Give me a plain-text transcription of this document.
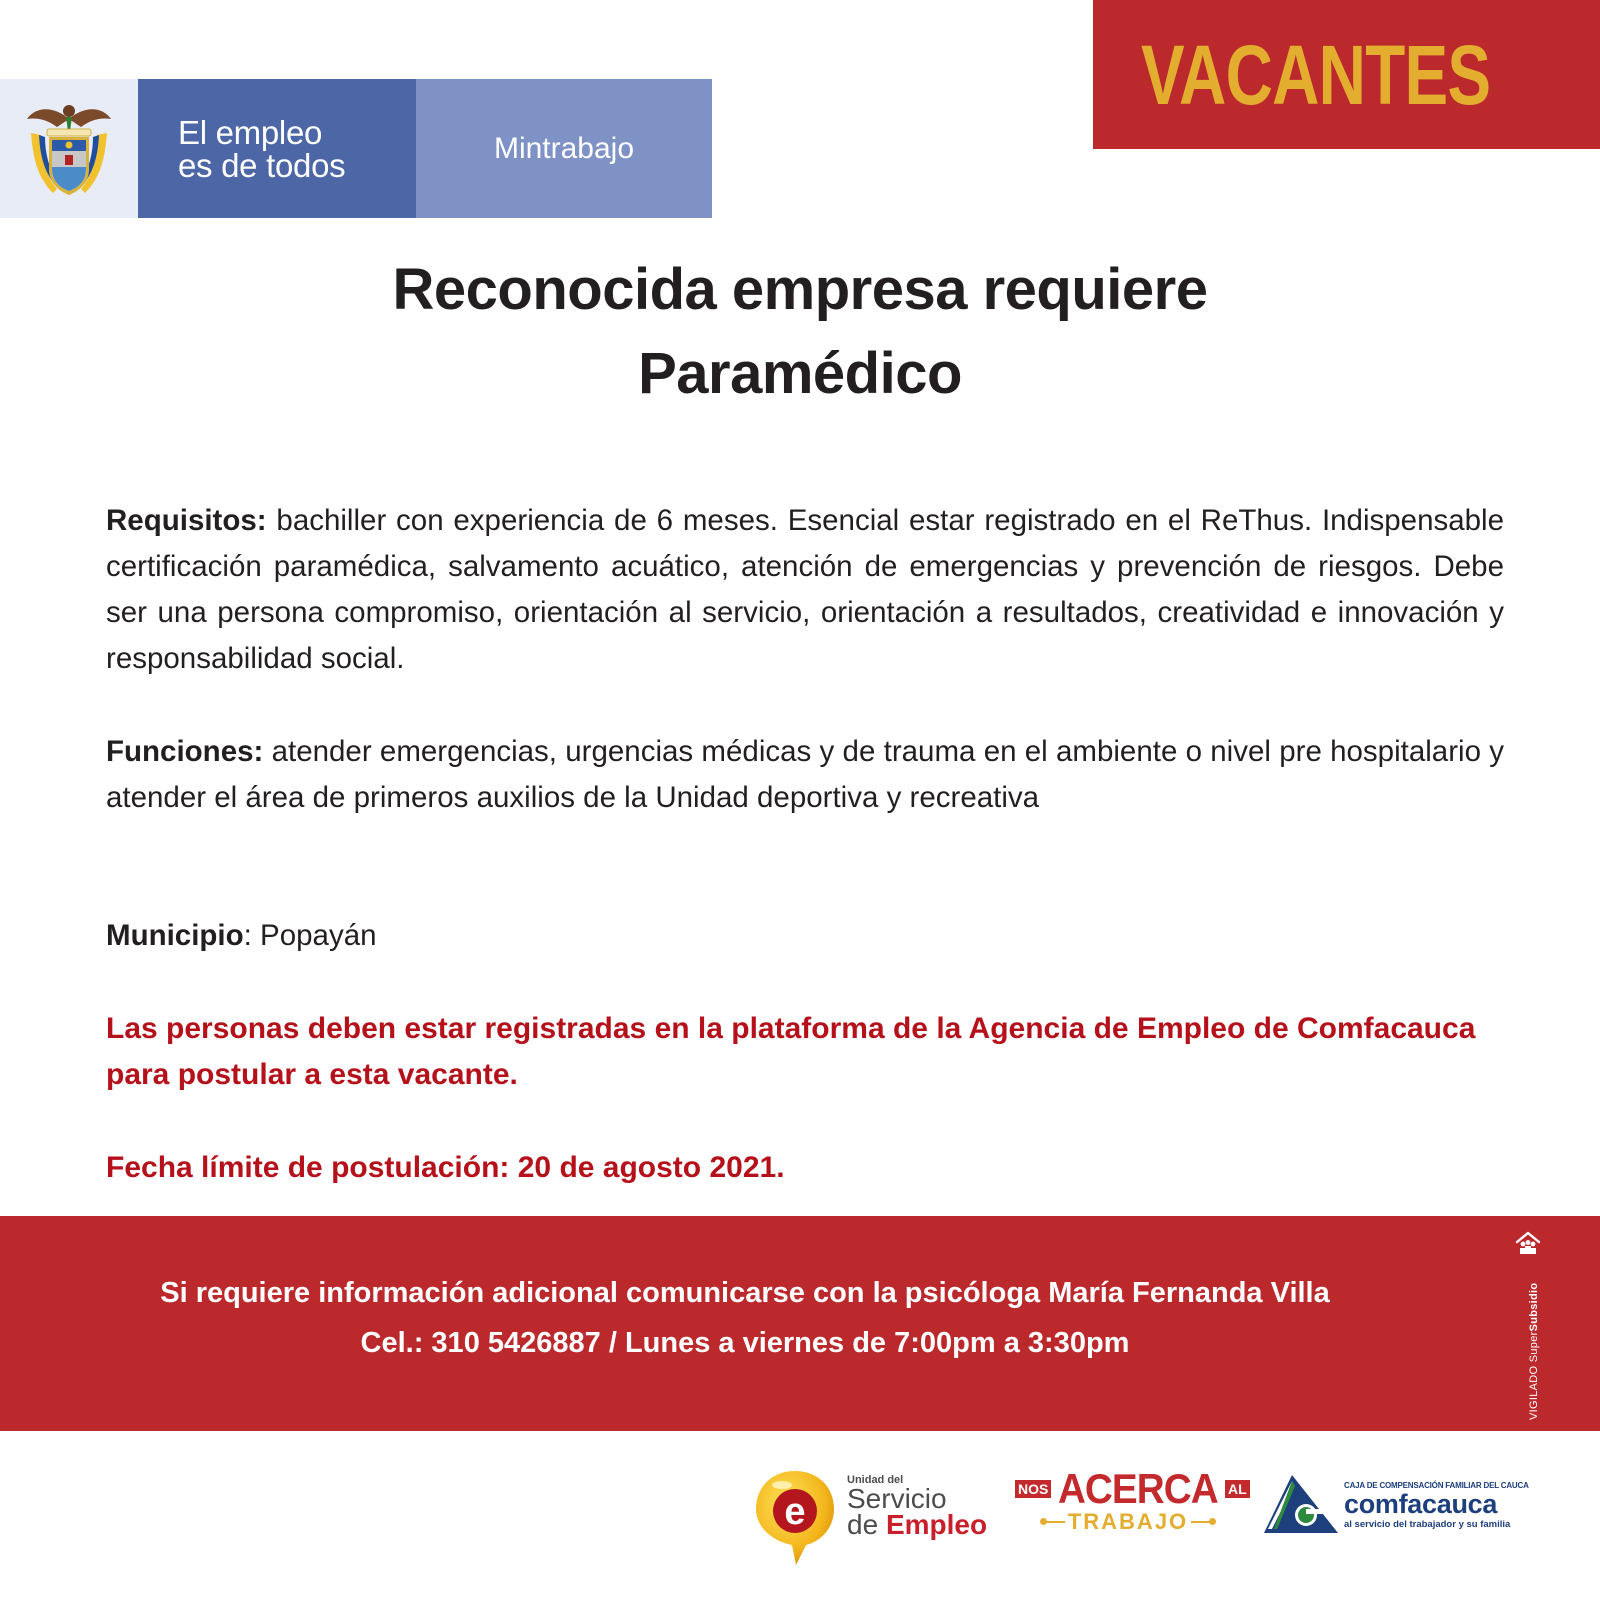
El empleo
es de todos	Mintrabajo
VACANTES
Reconocida empresa requiere
Paramédico

Requisitos: bachiller con experiencia de 6 meses. Esencial estar registrado en el ReThus. Indispensable certificación paramédica, salvamento acuático, atención de emergencias y prevención de riesgos. Debe ser una persona compromiso, orientación al servicio, orientación a resultados, creatividad e innovación y responsabilidad social.

Funciones: atender emergencias, urgencias médicas y de trauma en el ambiente o nivel pre hospitalario y atender el área de primeros auxilios de la Unidad deportiva y recreativa

Municipio: Popayán

Las personas deben estar registradas en la plataforma de la Agencia de Empleo de Comfacauca para postular a esta vacante.

Fecha límite de postulación: 20 de agosto 2021.

Si requiere información adicional comunicarse con la psicóloga María Fernanda Villa
Cel.: 310 5426887 / Lunes a viernes de 7:00pm a 3:30pm	VIGILADO SuperSubsidio
e
Unidad del
Servicio
de Empleo
NOS ACERCA AL
TRABAJO
CAJA DE COMPENSACIÓN FAMILIAR DEL CAUCA
comfacauca
al servicio del trabajador y su familia
